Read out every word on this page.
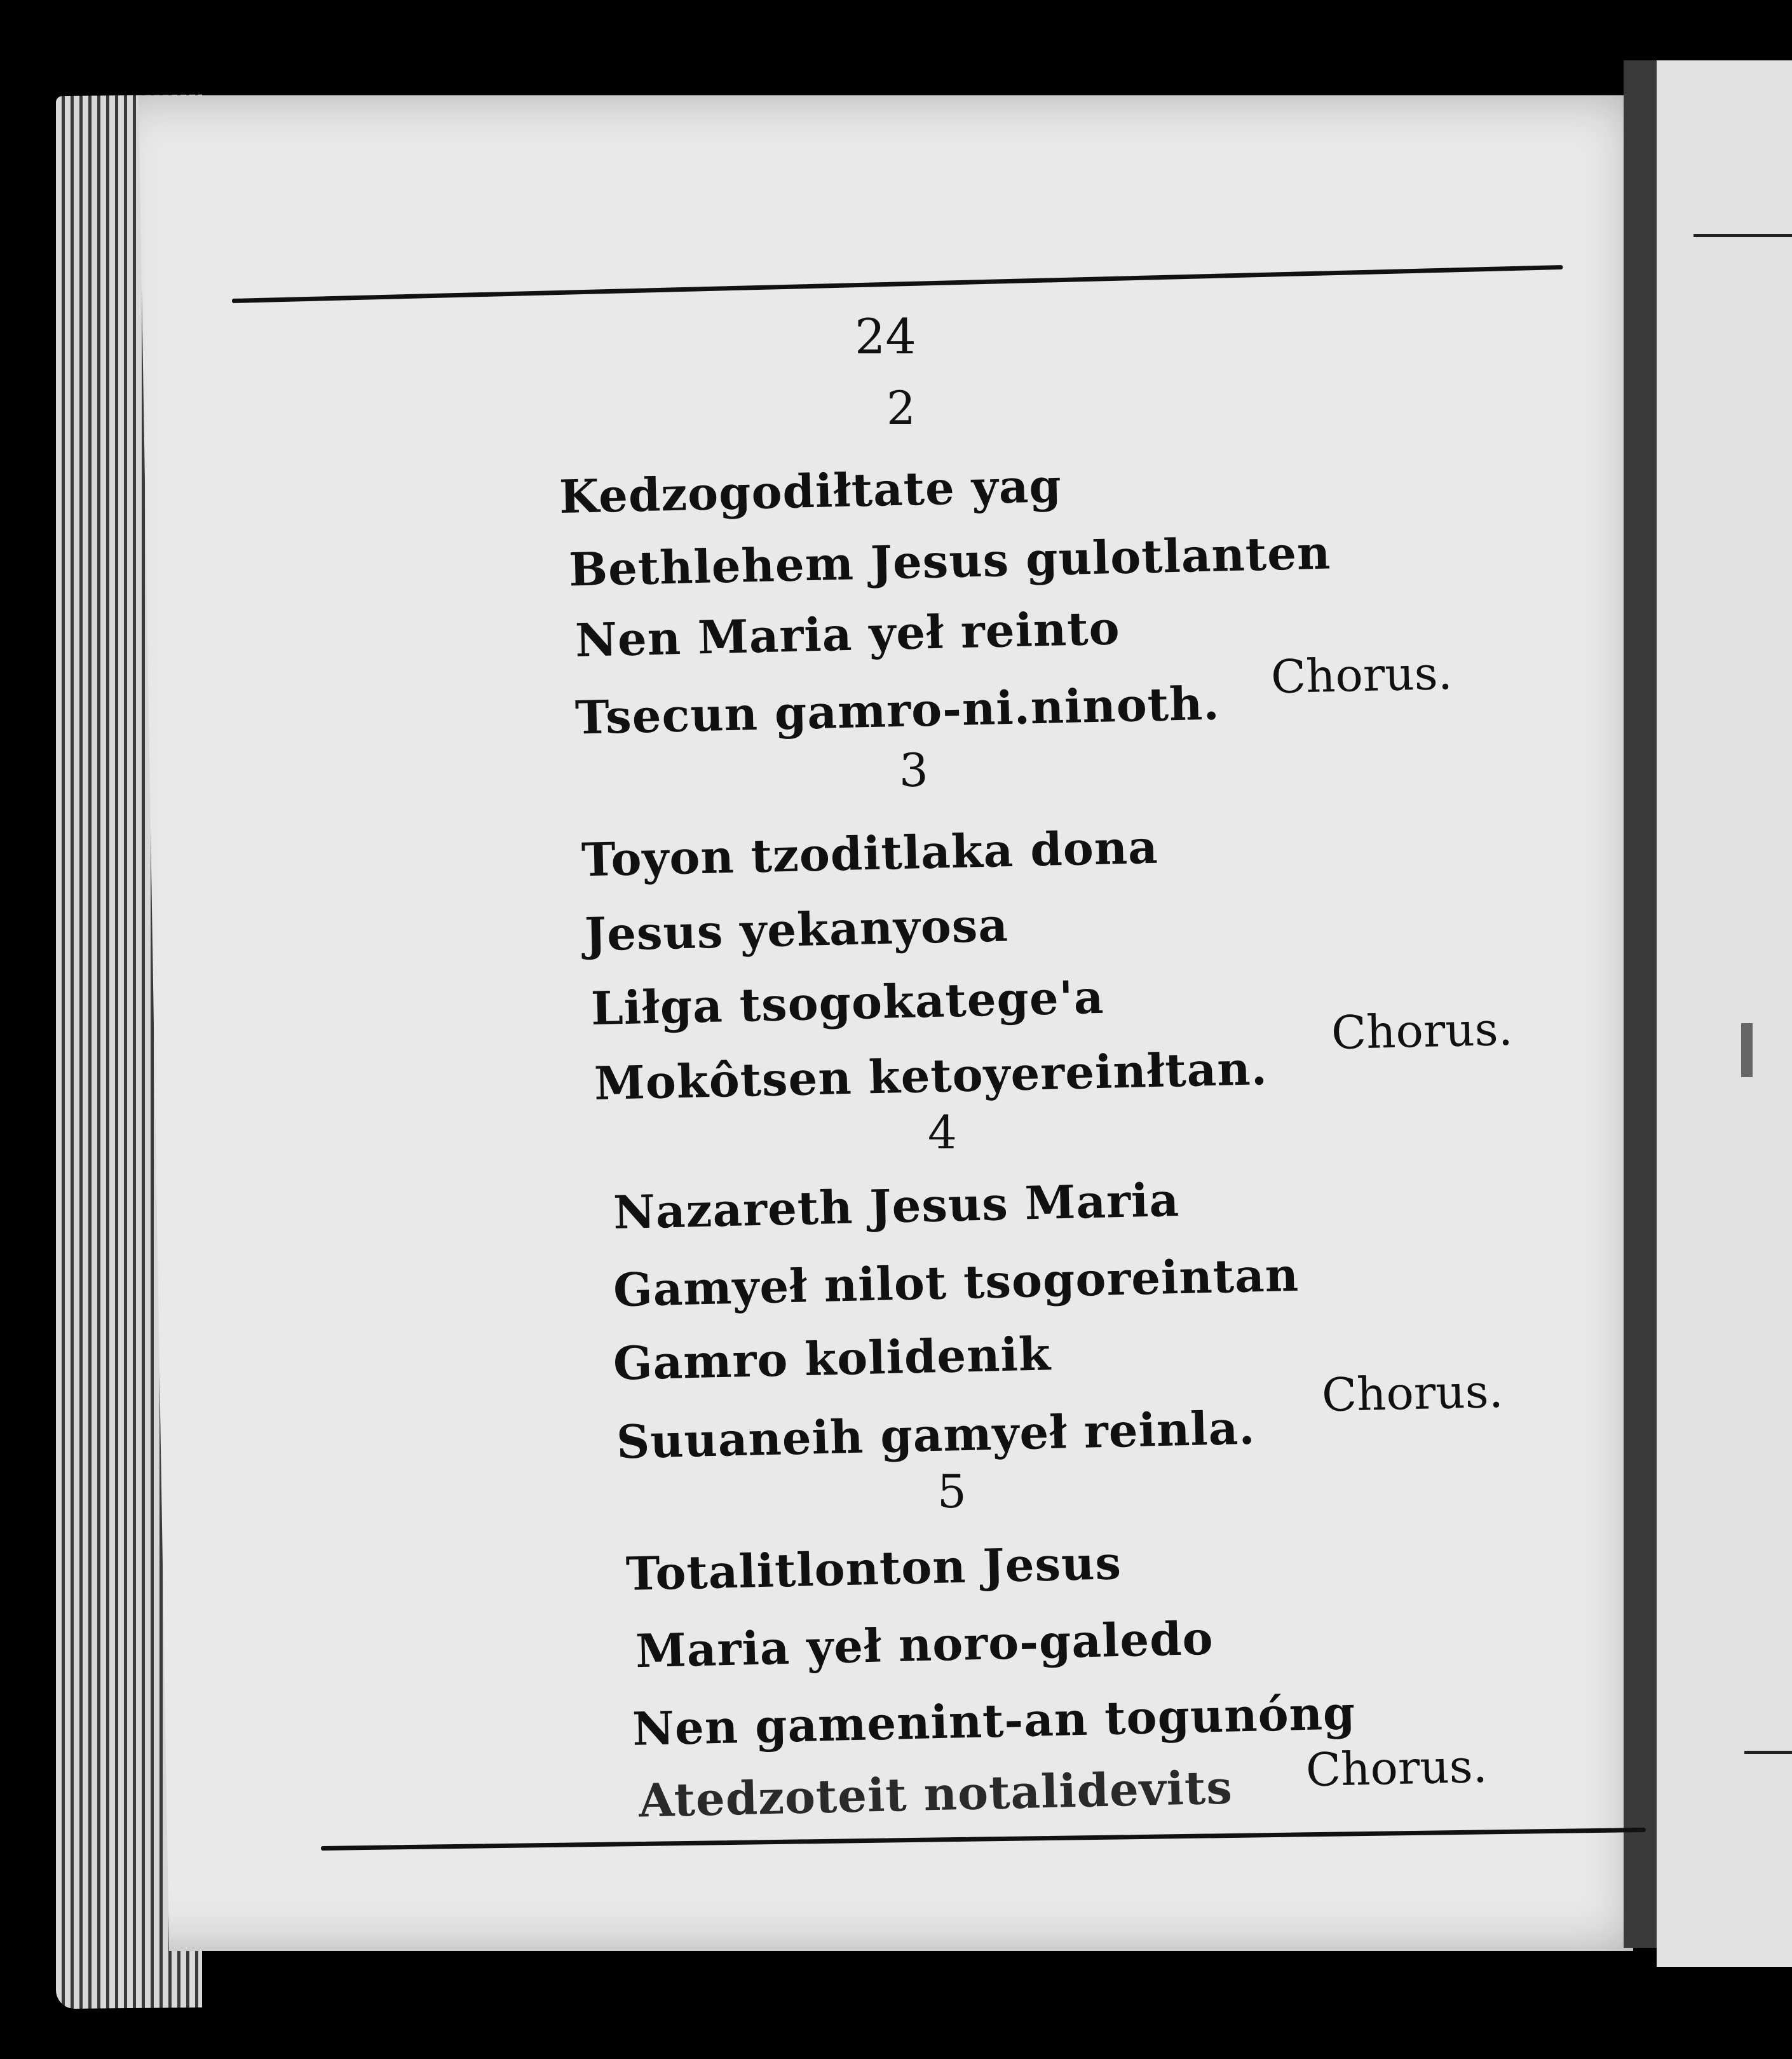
24
2
Kedzogodiłtate yag
Bethlehem Jesus gulotlanten
Nen Maria yeł reinto
Tsecun gamro-ni.ninoth.
Chorus.
3
Toyon tzoditlaka dona
Jesus yekanyosa
Liłga tsogokatege'a
Mokôtsen ketoyereinłtan.
Chorus.
4
Nazareth Jesus Maria
Gamyeł nilot tsogoreintan
Gamro kolidenik
Suuaneih gamyeł reinla.
Chorus.
5
Totalitlonton Jesus
Maria yeł noro-galedo
Nen gamenint-an togunóng
Atedzoteit notalidevits Chorus.
